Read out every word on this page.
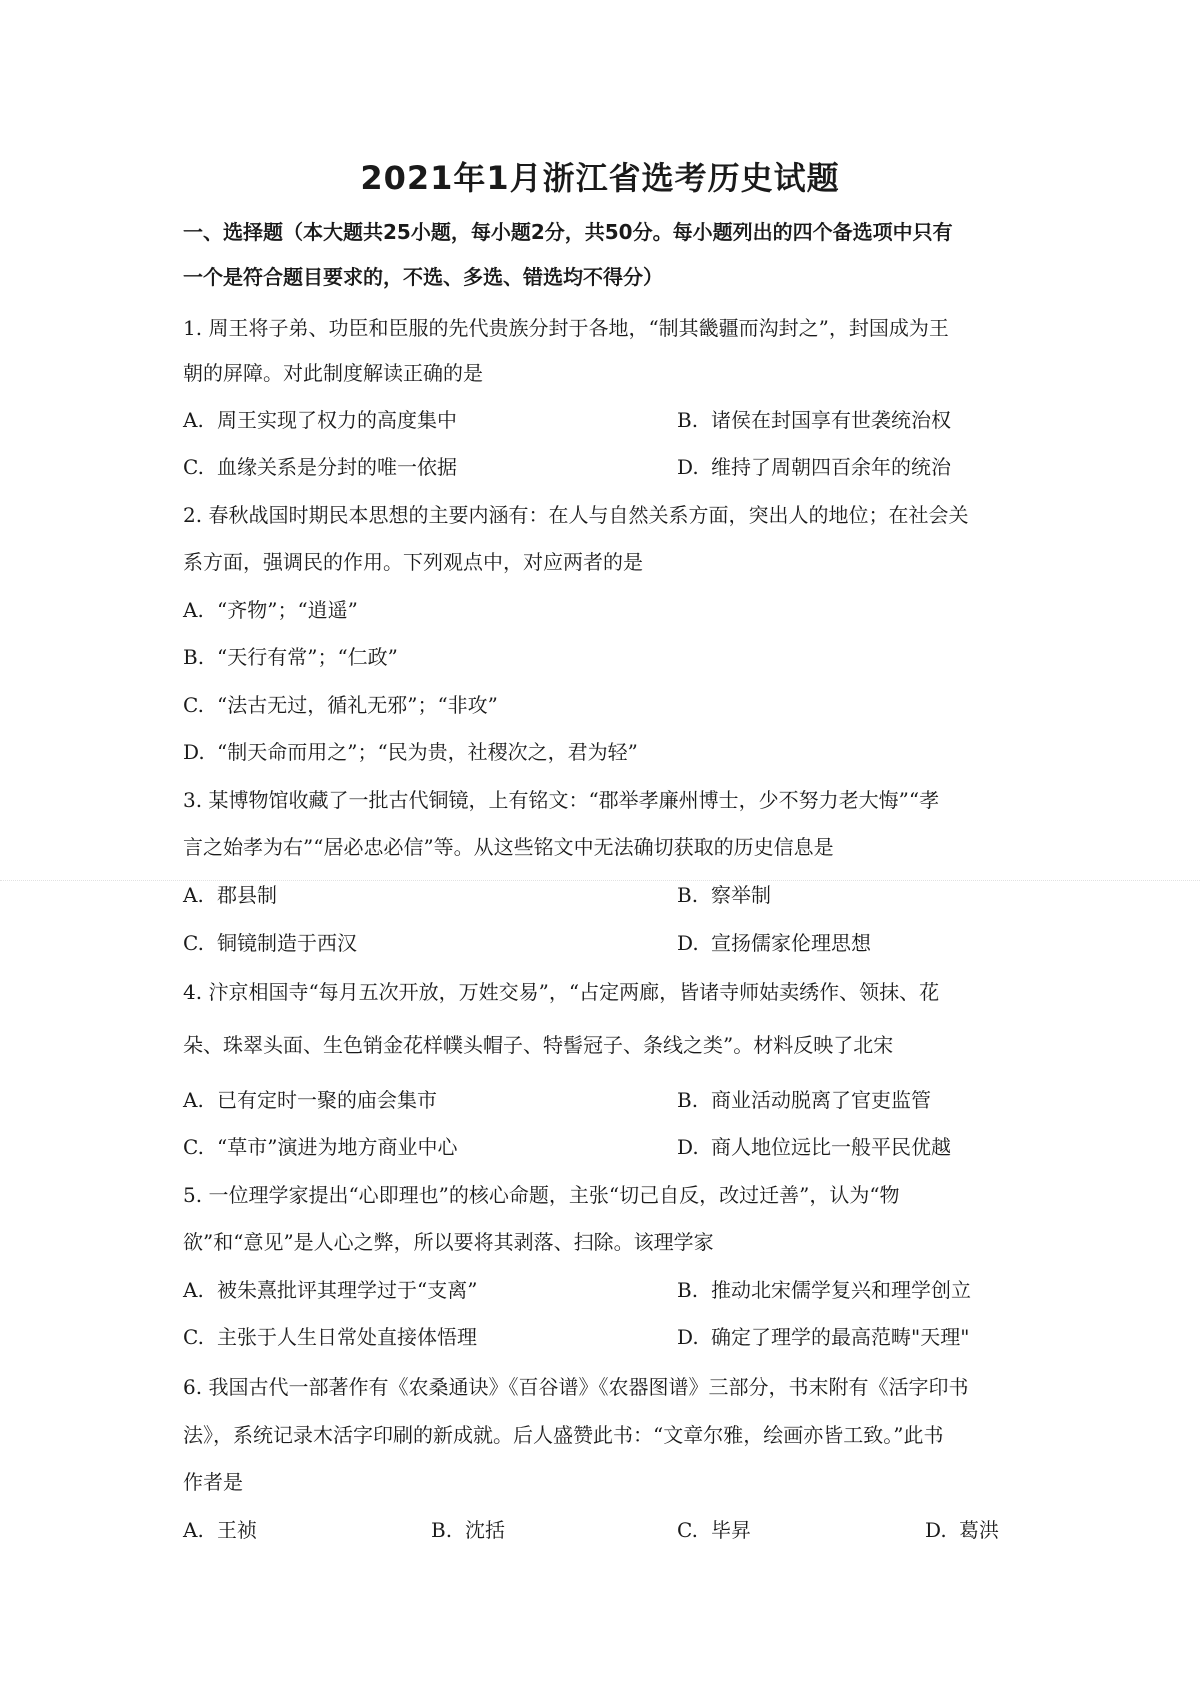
2021年1月浙江省选考历史试题
一、选择题（本大题共25小题，每小题2分，共50分。每小题列出的四个备选项中只有
一个是符合题目要求的，不选、多选、错选均不得分）
1. 周王将子弟、功臣和臣服的先代贵族分封于各地，“制其畿疆而沟封之”，封国成为王
朝的屏障。对此制度解读正确的是
A. 周王实现了权力的高度集中	B. 诸侯在封国享有世袭统治权
C. 血缘关系是分封的唯一依据	D. 维持了周朝四百余年的统治
2. 春秋战国时期民本思想的主要内涵有：在人与自然关系方面，突出人的地位；在社会关
系方面，强调民的作用。下列观点中，对应两者的是
A. “齐物”；“逍遥”
B. “天行有常”；“仁政”
C. “法古无过，循礼无邪”；“非攻”
D. “制天命而用之”；“民为贵，社稷次之，君为轻”
3. 某博物馆收藏了一批古代铜镜，上有铭文：“郡举孝廉州博士，少不努力老大悔”“孝
言之始孝为右”“居必忠必信”等。从这些铭文中无法确切获取的历史信息是
A. 郡县制	B. 察举制
C. 铜镜制造于西汉	D. 宣扬儒家伦理思想
4. 汴京相国寺“每月五次开放，万姓交易”，“占定两廊，皆诸寺师姑卖绣作、领抹、花
朵、珠翠头面、生色销金花样幞头帽子、特髻冠子、条线之类”。材料反映了北宋
A. 已有定时一聚的庙会集市	B. 商业活动脱离了官吏监管
C. “草市”演进为地方商业中心	D. 商人地位远比一般平民优越
5. 一位理学家提出“心即理也”的核心命题，主张“切己自反，改过迁善”，认为“物
欲”和“意见”是人心之弊，所以要将其剥落、扫除。该理学家
A. 被朱熹批评其理学过于“支离”	B. 推动北宋儒学复兴和理学创立
C. 主张于人生日常处直接体悟理	D. 确定了理学的最高范畴"天理"
6. 我国古代一部著作有《农桑通诀》《百谷谱》《农器图谱》三部分，书末附有《活字印书
法》，系统记录木活字印刷的新成就。后人盛赞此书：“文章尔雅，绘画亦皆工致。”此书
作者是
A. 王祯	B. 沈括	C. 毕昇	D. 葛洪
